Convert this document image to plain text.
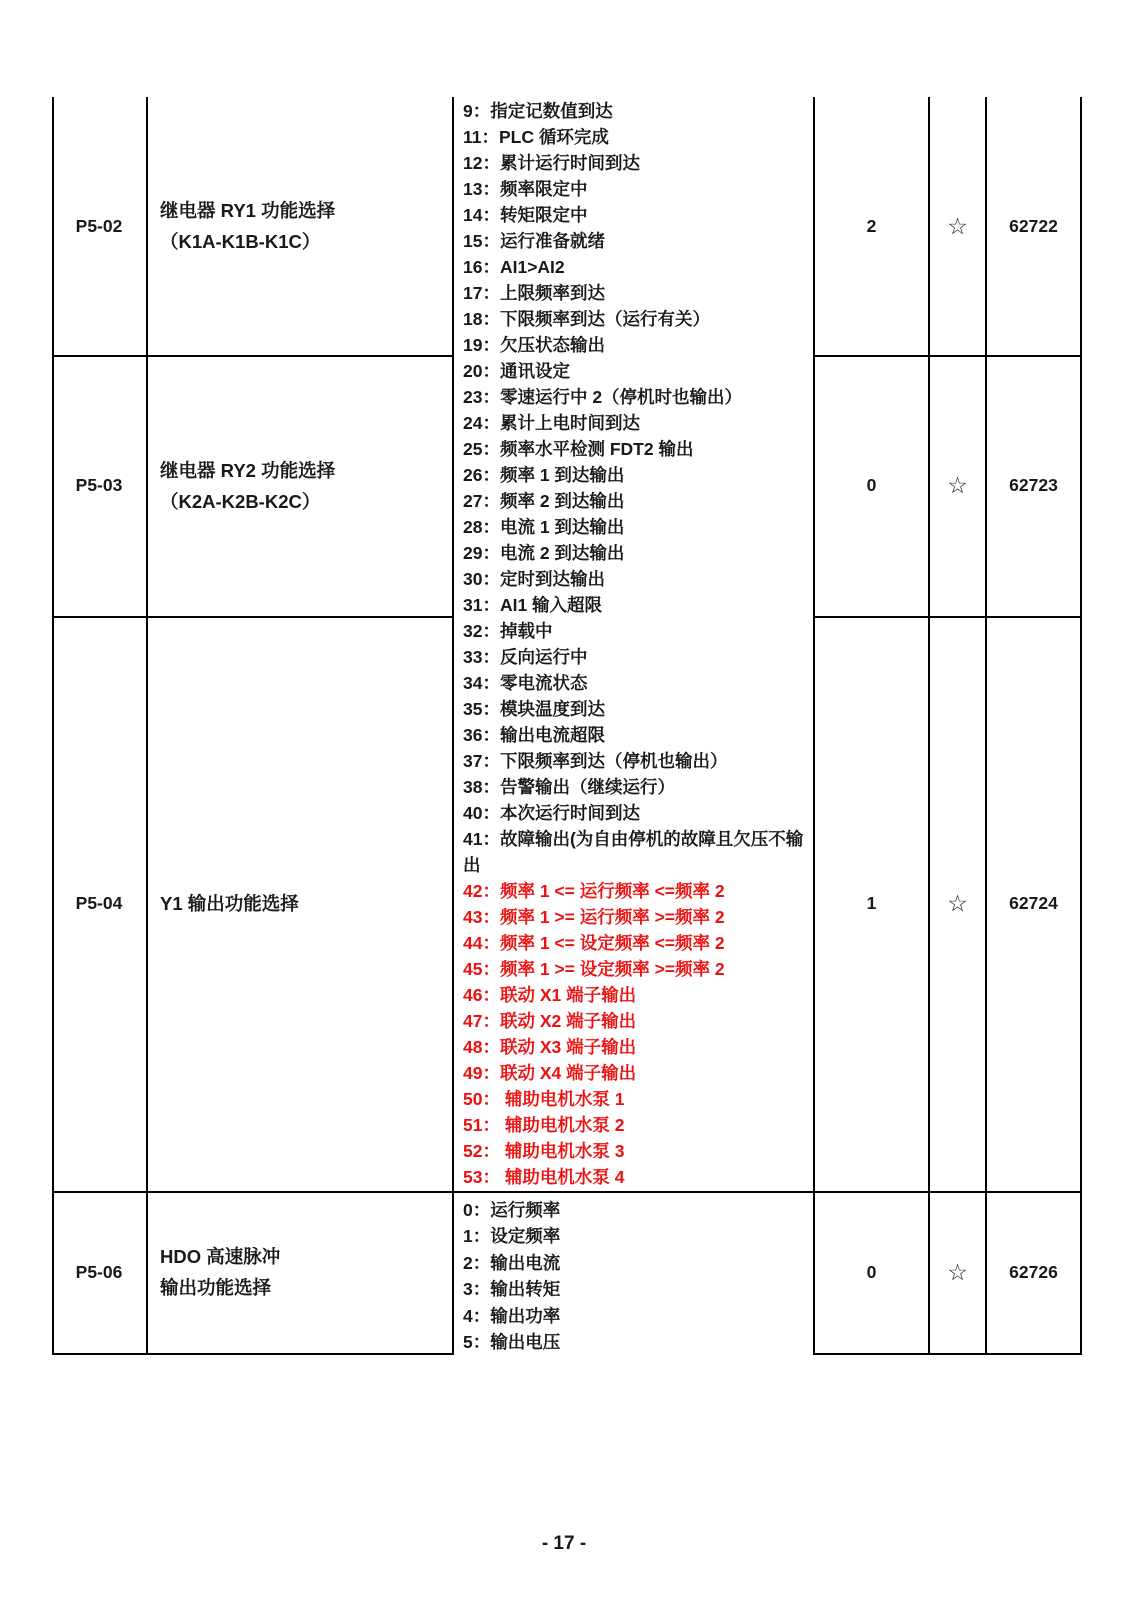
P5-02
P5-03
P5-04
P5-06
继电器 RY1 功能选择
（K1A-K1B-K1C）
继电器 RY2 功能选择
（K2A-K2B-K2C）
Y1 输出功能选择
HDO 高速脉冲
输出功能选择
9：指定记数值到达
11：PLC 循环完成
12：累计运行时间到达
13：频率限定中
14：转矩限定中
15：运行准备就绪
16：AI1>AI2
17：上限频率到达
18：下限频率到达（运行有关）
19：欠压状态输出
20：通讯设定
23：零速运行中 2（停机时也输出）
24：累计上电时间到达
25：频率水平检测 FDT2 输出
26：频率 1 到达输出
27：频率 2 到达输出
28：电流 1 到达输出
29：电流 2 到达输出
30：定时到达输出
31：AI1 输入超限
32：掉载中
33：反向运行中
34：零电流状态
35：模块温度到达
36：输出电流超限
37：下限频率到达（停机也输出）
38：告警输出（继续运行）
40：本次运行时间到达
41：故障输出(为自由停机的故障且欠压不输出
42：频率 1 <= 运行频率 <=频率 2
43：频率 1 >= 运行频率 >=频率 2
44：频率 1 <= 设定频率 <=频率 2
45：频率 1 >= 设定频率 >=频率 2
46：联动 X1 端子输出
47：联动 X2 端子输出
48：联动 X3 端子输出
49：联动 X4 端子输出
50： 辅助电机水泵 1
51： 辅助电机水泵 2
52： 辅助电机水泵 3
53： 辅助电机水泵 4
0：运行频率
1：设定频率
2：输出电流
3：输出转矩
4：输出功率
5：输出电压
2
0
1
0
☆
☆
☆
☆
62722
62723
62724
62726
- 17 -
